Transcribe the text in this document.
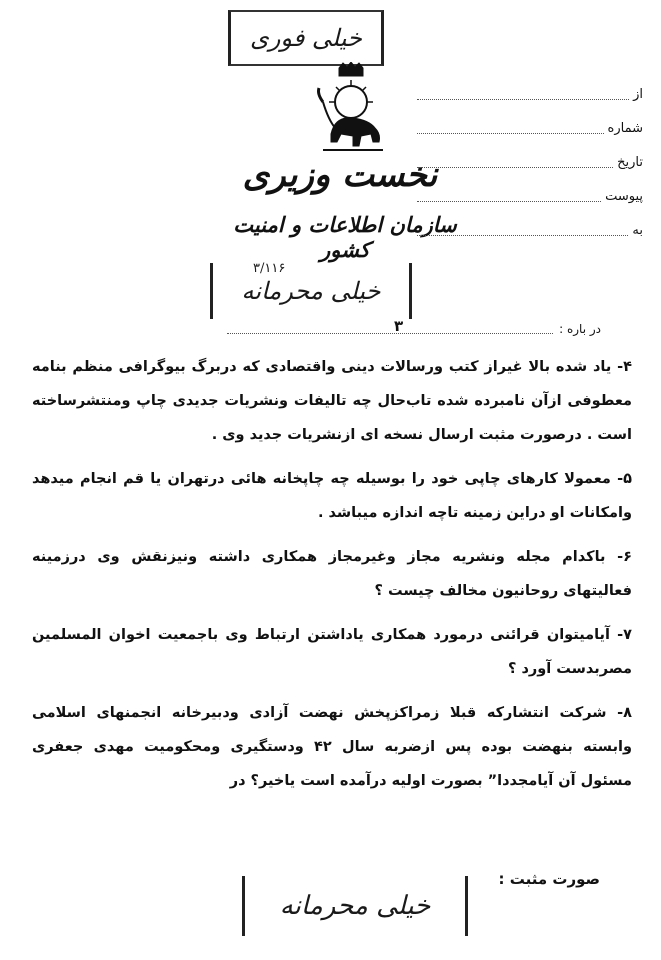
خیلی فوری
نخست وزیری
سازمان اطلاعات و امنیت کشور
۳/۱۱۶
خیلی محرمانه
از
شماره
تاریخ
پیوست
به
در باره :
۳

۴- یاد شده بالا غیراز کتب ورسالات دینی واقتصادی که دربرگ بیوگرافی منظم بنامه معطوفی ازآن نامبرده شده تاب‌حال چه تالیفات ونشریات جدیدی چاپ ومنتشرساخته است . درصورت مثبت ارسال نسخه ای ازنشریات جدید وی .

۵- معمولا کارهای چاپی خود را بوسیله چه چاپخانه هائی درتهران یا قم انجام میدهد وامکانات او دراین زمینه تاچه اندازه میباشد .

۶- باکدام مجله ونشریه مجاز وغیرمجاز همکاری داشته ونیزنقش وی درزمینه فعالیتهای روحانیون مخالف چیست ؟

۷- آیامیتوان قرائنی درمورد همکاری یاداشتن ارتباط وی باجمعیت اخوان المسلمین مصربدست آورد ؟

۸- شرکت انتشارکه قبلا زمراکزپخش نهضت آزادی ودبیرخانه انجمنهای اسلامی وابسته بنهضت بوده پس ازضربه سال ۴۲ ودستگیری ومحکومیت مهدی جعفری مسئول آن آیامجددا” بصورت اولیه درآمده است یاخیر؟ در

صورت مثبت :
خیلی محرمانه
